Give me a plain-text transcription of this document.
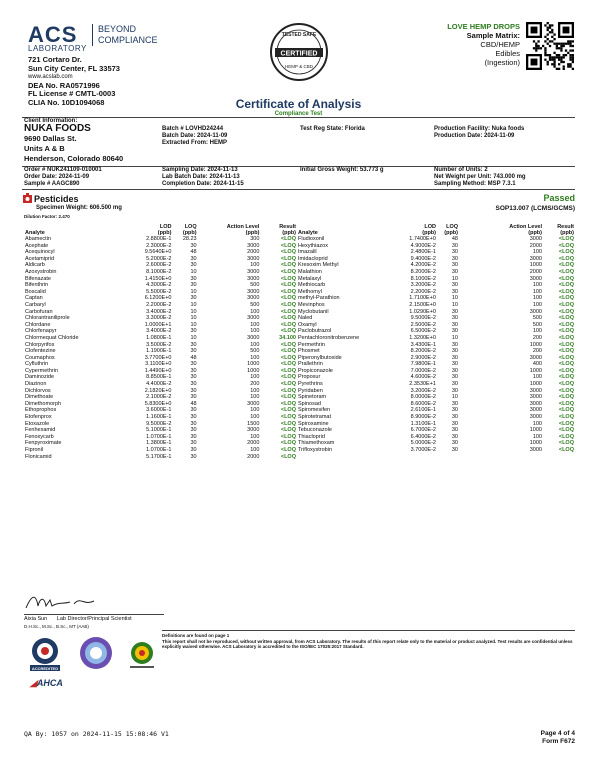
ACS
LABORATORY
BEYOND
COMPLIANCE
721 Cortaro Dr.
Sun City Center, FL 33573
www.acslab.com
DEA No. RA0571996
FL License # CMTL-0003
CLIA No. 10D1094068
CERTIFIED
TESTED SAFE
HEMP & CBD
LOVE HEMP DROPS
Sample Matrix:
CBD/HEMP
Edibles
(Ingestion)
Certificate of Analysis
Compliance Test
Client Information:
NUKA FOODS
9690 Dallas St.
Units A & B
Henderson, Colorado 80640
Batch # LOVHD24244
Batch Date: 2024-11-09
Extracted From: HEMP
Test Reg State: Florida	Production Facility: Nuka foods
Production Date: 2024-11-09
Order # NUK241109-010001
Order Date: 2024-11-09
Sample # AAGC890
Sampling Date: 2024-11-13
Lab Batch Date: 2024-11-13
Completion Date: 2024-11-15
Initial Gross Weight: 53.773 g	Number of Units: 2
Net Weight per Unit: 743.000 mg
Sampling Method: MSP 7.3.1
Pesticides	Passed
Specimen Weight: 606.500 mg	SOP13.007 (LCMS/GCMS)
Dilution Factor: 2.470
Analyte	LOD
(ppb)	LOQ
(ppb)	Action Level
(ppb)	Result
(ppb)
Abamectin	2.8800E-1	28.23	300	<LOQ
Acephate	2.3000E-2	30	3000	<LOQ
Acequinocyl	9.5640E+0	48	2000	<LOQ
Acetamiprid	5.2000E-2	30	3000	<LOQ
Aldicarb	2.6000E-2	30	100	<LOQ
Azoxystrobin	8.1000E-2	10	3000	<LOQ
Bifenazate	1.4150E+0	30	3000	<LOQ
Bifenthrin	4.3000E-2	30	500	<LOQ
Boscalid	5.5000E-2	10	3000	<LOQ
Captan	6.1200E+0	30	3000	<LOQ
Carbaryl	2.2000E-2	10	500	<LOQ
Carbofuran	3.4000E-2	10	100	<LOQ
Chlorantraniliprole	3.3000E-2	10	3000	<LOQ
Chlordane	1.0000E+1	10	100	<LOQ
Chlorfenapyr	3.4000E-2	30	100	<LOQ
Chlormequat Chloride	1.0800E-1	10	3000	34.100
Chlorpyrifos	3.5000E-2	30	100	<LOQ
Clofentezine	1.1900E-1	30	500	<LOQ
Coumaphos	3.7700E+0	48	100	<LOQ
Cyfluthrin	3.1100E+0	30	1000	<LOQ
Cypermethrin	1.4490E+0	30	1000	<LOQ
Daminozide	8.8500E-1	30	100	<LOQ
Diazinon	4.4000E-2	30	200	<LOQ
Dichlorvos	2.1820E+0	30	100	<LOQ
Dimethoate	2.1000E-2	30	100	<LOQ
Dimethomorph	5.8300E+0	48	3000	<LOQ
Ethoprophos	3.6000E-1	30	100	<LOQ
Etofenprox	1.1600E-1	30	100	<LOQ
Etoxazole	9.5000E-2	30	1500	<LOQ
Fenhexamid	5.1000E-1	30	3000	<LOQ
Fenoxycarb	1.0700E-1	30	100	<LOQ
Fenpyroximate	1.3800E-1	30	2000	<LOQ
Fipronil	1.0700E-1	30	100	<LOQ
Flonicamid	5.1700E-1	30	2000	<LOQ
Analyte	LOD
(ppb)	LOQ
(ppb)	Action Level
(ppb)	Result
(ppb)
Fludioxonil	1.7400E+0	48	3000	<LOQ
Hexythiazox	4.9000E-2	30	2000	<LOQ
Imazalil	2.4800E-1	30	100	<LOQ
Imidacloprid	9.4000E-2	30	3000	<LOQ
Kresoxim Methyl	4.2000E-2	30	1000	<LOQ
Malathion	8.2000E-2	30	2000	<LOQ
Metalaxyl	8.1000E-2	10	3000	<LOQ
Methiocarb	3.2000E-2	30	100	<LOQ
Methomyl	2.2000E-2	30	100	<LOQ
methyl-Parathion	1.7100E+0	10	100	<LOQ
Mevinphos	2.1500E+0	10	100	<LOQ
Myclobutanil	1.0290E+0	30	3000	<LOQ
Naled	9.5000E-2	30	500	<LOQ
Oxamyl	2.5000E-2	30	500	<LOQ
Paclobutrazol	6.5000E-2	30	100	<LOQ
Pentachloronitrobenzene	1.3200E+0	10	200	<LOQ
Permethrin	3.4300E-1	30	1000	<LOQ
Phosmet	8.2000E-2	30	200	<LOQ
Piperonylbutoxide	2.9000E-2	30	3000	<LOQ
Prallethrin	7.9800E-1	30	400	<LOQ
Propiconazole	7.0000E-2	30	1000	<LOQ
Propoxur	4.6000E-2	30	100	<LOQ
Pyrethrins	2.3530E+1	30	1000	<LOQ
Pyridaben	3.2000E-2	30	3000	<LOQ
Spinetoram	8.0000E-2	10	3000	<LOQ
Spinosad	8.6000E-2	30	3000	<LOQ
Spiromesifen	2.6100E-1	30	3000	<LOQ
Spirotetramat	8.9000E-2	30	3000	<LOQ
Spiroxamine	1.3100E-1	30	100	<LOQ
Tebuconazole	6.7000E-2	30	1000	<LOQ
Thiacloprid	6.4000E-2	30	100	<LOQ
Thiamethoxam	5.0000E-2	30	1000	<LOQ
Trifloxystrobin	3.7000E-2	30	3000	<LOQ
Aixia Sun Lab Director/Principal Scientist
D.H.Sc., M.Sc., B.Sc., MT (AAB)
Definitions are found on page 1
This report shall not be reproduced, without written approval, from ACS Laboratory. The results of this report relate only to the material or product analyzed. Test results are confidential unless explicitly waived otherwise. ACS Laboratory is accredited to the ISO/IEC 17025:2017 Standard.
ACCREDITED
◢AHCA
QA By: 1057 on 2024-11-15 15:08:46 V1	Page 4 of 4
Form F672
